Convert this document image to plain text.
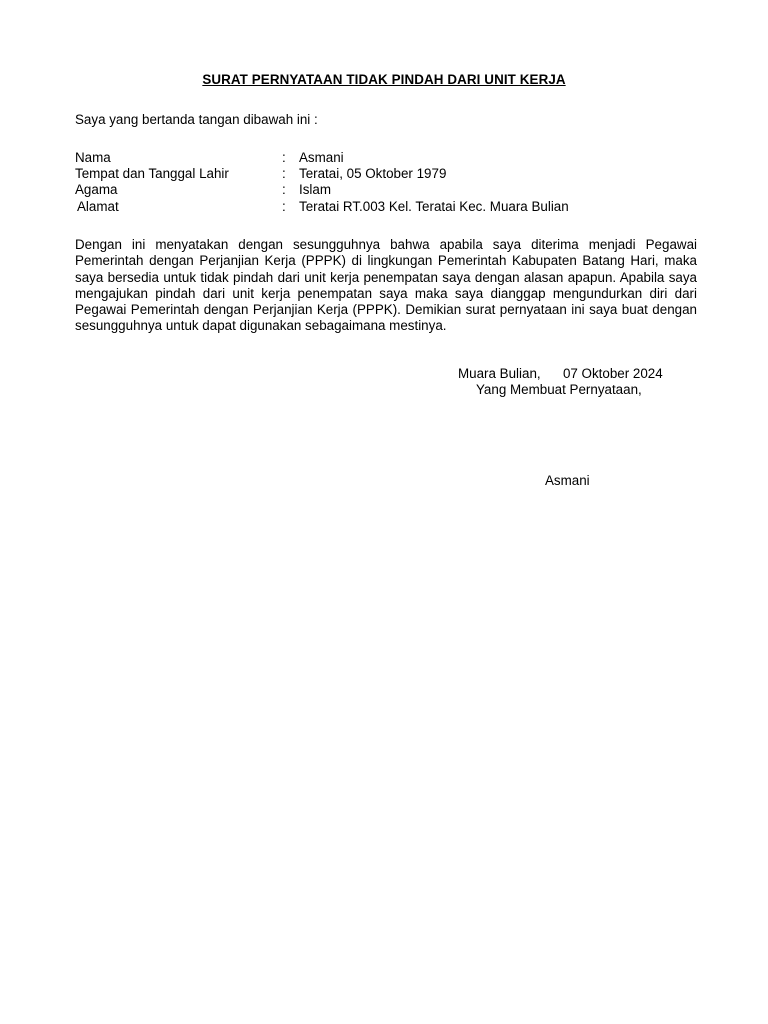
SURAT PERNYATAAN TIDAK PINDAH DARI UNIT KERJA
Saya yang bertanda tangan dibawah ini :
Nama	: Asmani
Tempat dan Tanggal Lahir	: Teratai, 05 Oktober 1979
Agama	: Islam
Alamat	: Teratai RT.003 Kel. Teratai Kec. Muara Bulian
Dengan ini menyatakan dengan sesungguhnya bahwa apabila saya diterima menjadi Pegawai Pemerintah dengan Perjanjian Kerja (PPPK) di lingkungan Pemerintah Kabupaten Batang Hari, maka saya bersedia untuk tidak pindah dari unit kerja penempatan saya dengan alasan apapun. Apabila saya mengajukan pindah dari unit kerja penempatan saya maka saya dianggap mengundurkan diri dari Pegawai Pemerintah dengan Perjanjian Kerja (PPPK). Demikian surat pernyataan ini saya buat dengan sesungguhnya untuk dapat digunakan sebagaimana mestinya.
Muara Bulian,      07 Oktober 2024
Yang Membuat Pernyataan,
Asmani
